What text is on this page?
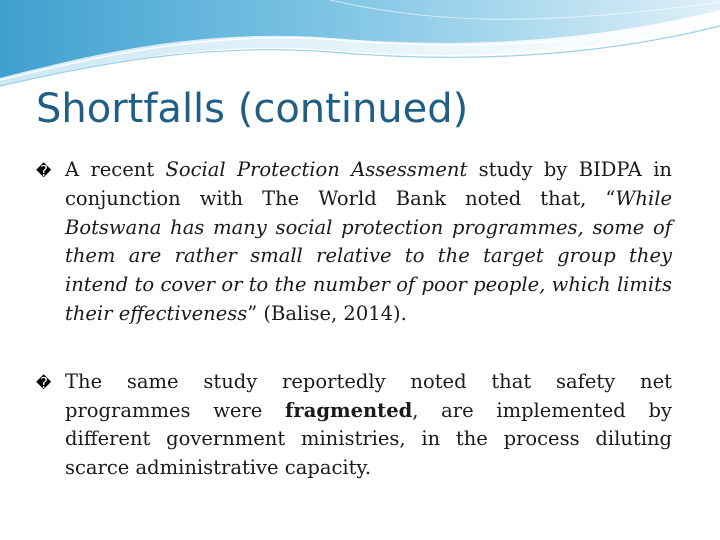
Shortfalls (continued)

� A recent Social Protection Assessment study by BIDPA in conjunction with The World Bank noted that, “While Botswana has many social protection programmes, some of them are rather small relative to the target group they intend to cover or to the number of poor people, which limits their effectiveness” (Balise, 2014).

� The same study reportedly noted that safety net programmes were fragmented, are implemented by different government ministries, in the process diluting scarce administrative capacity.
